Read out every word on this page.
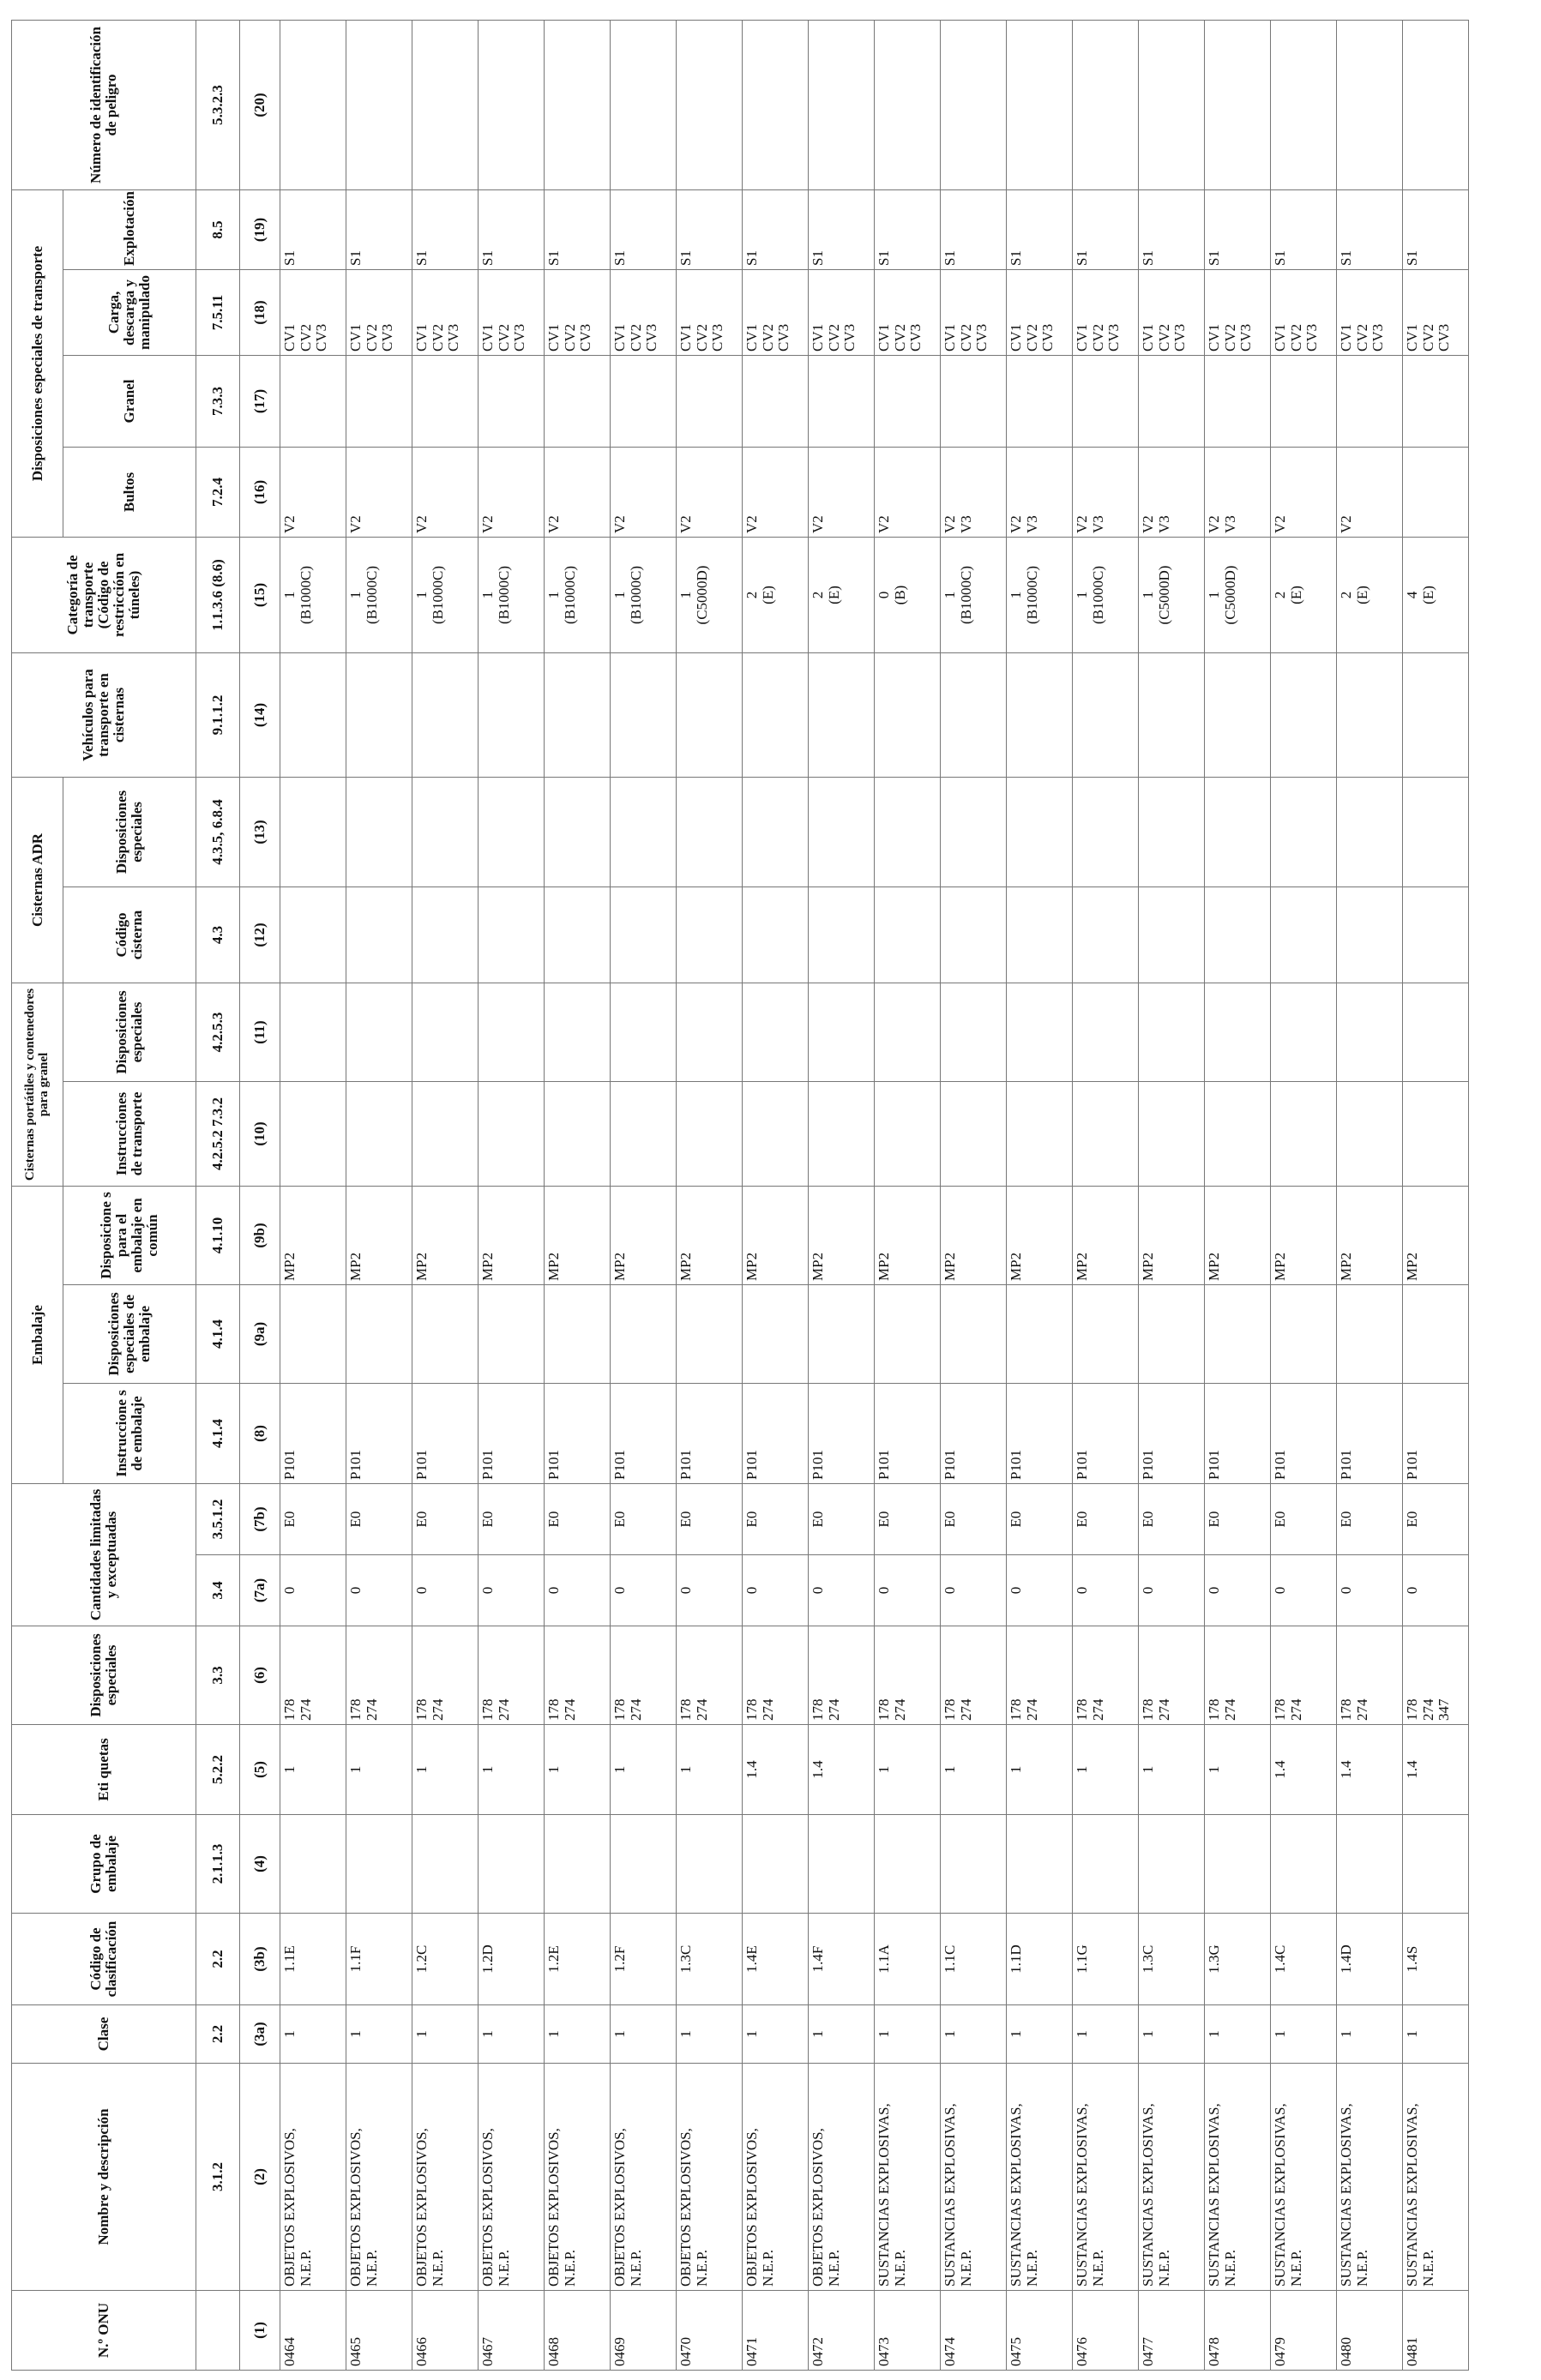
N.º ONU	Nombre y descripción	Clase	Código de clasificación	Grupo de embalaje	Eti quetas	Disposiciones especiales	Cantidades limitadas y exceptuadas		Embalaje			Cisternas portátiles y contenedores para granel		Cisternas ADR		Vehículos para transporte en cisternas	Categoría de transporte (Código de restricción en túneles)	Disposiciones especiales de transporte				Número de identificación de peligro
									Instruccione s de embalaje	Disposiciones especiales de embalaje	Disposicione s para el embalaje en común	Instrucciones de transporte	Disposiciones especiales	Código cisterna	Disposiciones especiales			Bultos	Granel	Carga, descarga y manipulado	Explotación	
	3.1.2	2.2	2.2	2.1.1.3	5.2.2	3.3	3.4	3.5.1.2	4.1.4	4.1.4	4.1.10	4.2.5.2 7.3.2	4.2.5.3	4.3	4.3.5, 6.8.4	9.1.1.2	1.1.3.6 (8.6)	7.2.4	7.3.3	7.5.11	8.5	5.3.2.3
(1)	(2)	(3a)	(3b)	(4)	(5)	(6)	(7a)	(7b)	(8)	(9a)	(9b)	(10)	(11)	(12)	(13)	(14)	(15)	(16)	(17)	(18)	(19)	(20)

0464	OBJETOS EXPLOSIVOS, N.E.P.	1	1.1E		1	178 274	0	E0	P101		MP2						1 (B1000C)	V2		CV1 CV2 CV3	S1	

0465	OBJETOS EXPLOSIVOS, N.E.P.	1	1.1F		1	178 274	0	E0	P101		MP2						1 (B1000C)	V2		CV1 CV2 CV3	S1	

0466	OBJETOS EXPLOSIVOS, N.E.P.	1	1.2C		1	178 274	0	E0	P101		MP2						1 (B1000C)	V2		CV1 CV2 CV3	S1	

0467	OBJETOS EXPLOSIVOS, N.E.P.	1	1.2D		1	178 274	0	E0	P101		MP2						1 (B1000C)	V2		CV1 CV2 CV3	S1	

0468	OBJETOS EXPLOSIVOS, N.E.P.	1	1.2E		1	178 274	0	E0	P101		MP2						1 (B1000C)	V2		CV1 CV2 CV3	S1	

0469	OBJETOS EXPLOSIVOS, N.E.P.	1	1.2F		1	178 274	0	E0	P101		MP2						1 (B1000C)	V2		CV1 CV2 CV3	S1	

0470	OBJETOS EXPLOSIVOS, N.E.P.	1	1.3C		1	178 274	0	E0	P101		MP2						1 (C5000D)	V2		CV1 CV2 CV3	S1	

0471	OBJETOS EXPLOSIVOS, N.E.P.	1	1.4E		1.4	178 274	0	E0	P101		MP2						2 (E)	V2		CV1 CV2 CV3	S1	

0472	OBJETOS EXPLOSIVOS, N.E.P.	1	1.4F		1.4	178 274	0	E0	P101		MP2						2 (E)	V2		CV1 CV2 CV3	S1	

0473	SUSTANCIAS EXPLOSIVAS, N.E.P.	1	1.1A		1	178 274	0	E0	P101		MP2						0 (B)	V2		CV1 CV2 CV3	S1	

0474	SUSTANCIAS EXPLOSIVAS, N.E.P.	1	1.1C		1	178 274	0	E0	P101		MP2						1 (B1000C)	V2 V3		CV1 CV2 CV3	S1	

0475	SUSTANCIAS EXPLOSIVAS, N.E.P.	1	1.1D		1	178 274	0	E0	P101		MP2						1 (B1000C)	V2 V3		CV1 CV2 CV3	S1	

0476	SUSTANCIAS EXPLOSIVAS, N.E.P.	1	1.1G		1	178 274	0	E0	P101		MP2						1 (B1000C)	V2 V3		CV1 CV2 CV3	S1	

0477	SUSTANCIAS EXPLOSIVAS, N.E.P.	1	1.3C		1	178 274	0	E0	P101		MP2						1 (C5000D)	V2 V3		CV1 CV2 CV3	S1	

0478	SUSTANCIAS EXPLOSIVAS, N.E.P.	1	1.3G		1	178 274	0	E0	P101		MP2						1 (C5000D)	V2 V3		CV1 CV2 CV3	S1	

0479	SUSTANCIAS EXPLOSIVAS, N.E.P.	1	1.4C		1.4	178 274	0	E0	P101		MP2						2 (E)	V2		CV1 CV2 CV3	S1	

0480	SUSTANCIAS EXPLOSIVAS, N.E.P.	1	1.4D		1.4	178 274	0	E0	P101		MP2						2 (E)	V2		CV1 CV2 CV3	S1	

0481	SUSTANCIAS EXPLOSIVAS, N.E.P.	1	1.4S		1.4	178 274 347	0	E0	P101		MP2						4 (E)			CV1 CV2 CV3	S1	
